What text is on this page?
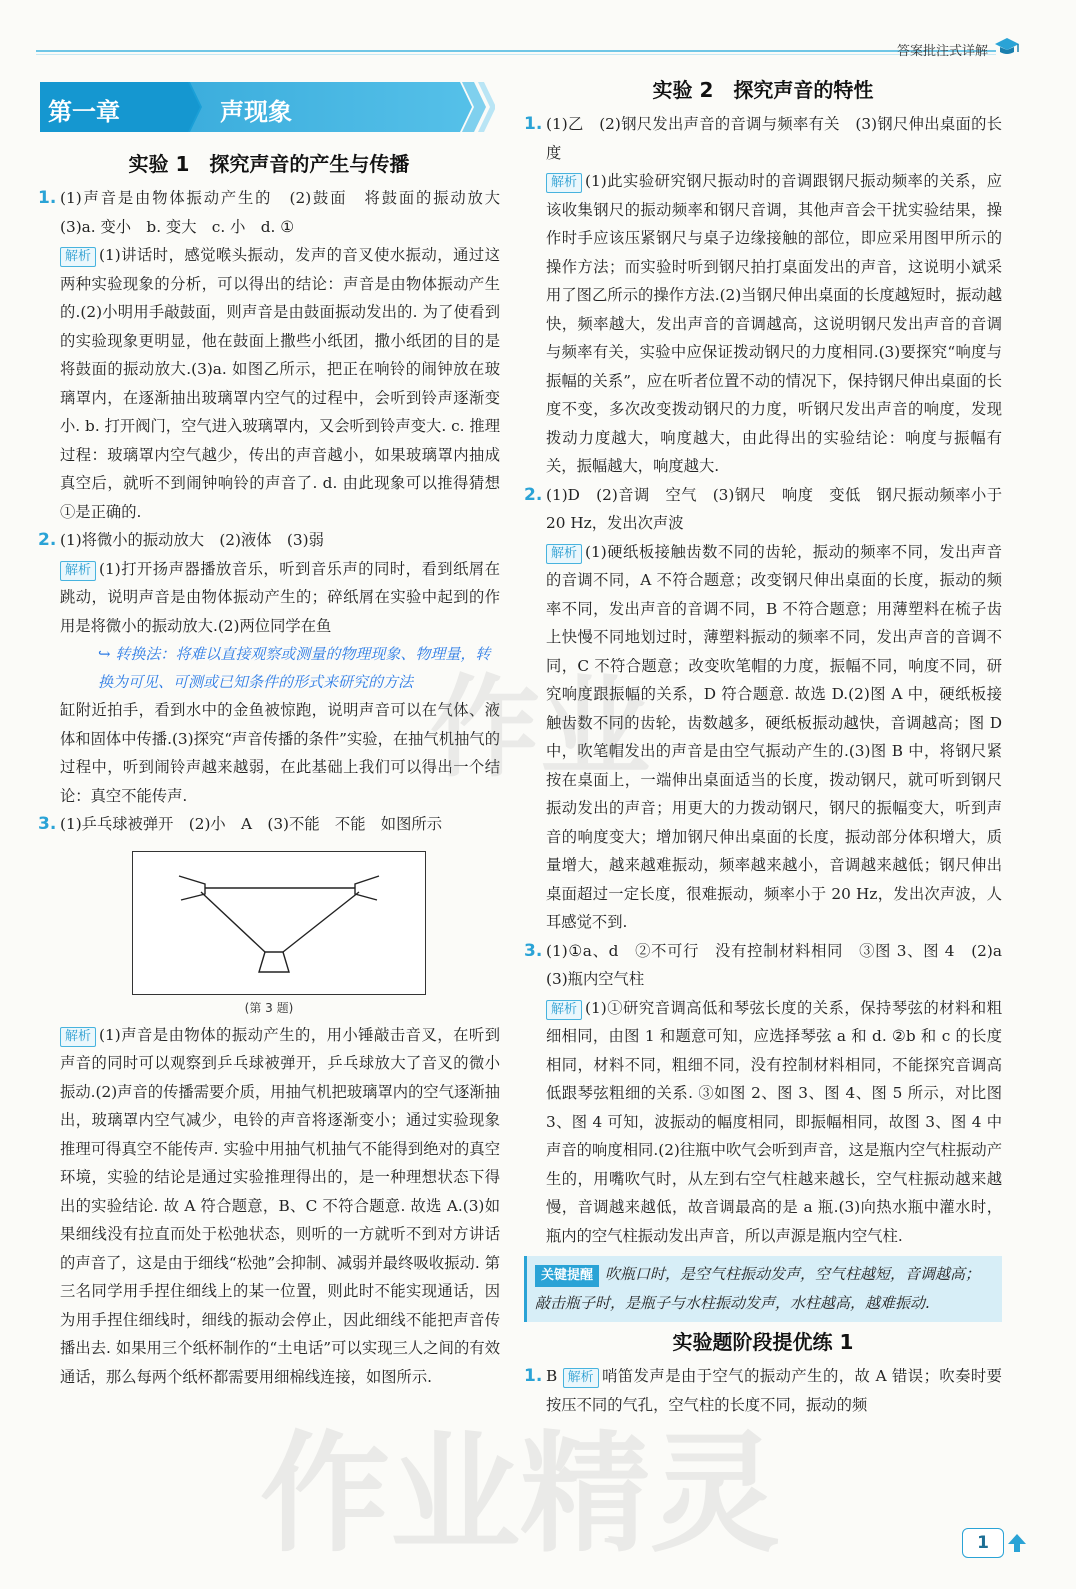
答案批注式详解
第一章	声现象
实验 1　探究声音的产生与传播
1. (1)声音是由物体振动产生的　(2)鼓面　将鼓面的振动放大　(3)a. 变小　b. 变大　c. 小　d. ①
解析 (1)讲话时，感觉喉头振动，发声的音叉使水振动，通过这两种实验现象的分析，可以得出的结论：声音是由物体振动产生的.(2)小明用手敲鼓面，则声音是由鼓面振动发出的. 为了使看到的实验现象更明显，他在鼓面上撒些小纸团，撒小纸团的目的是将鼓面的振动放大.(3)a. 如图乙所示，把正在响铃的闹钟放在玻璃罩内，在逐渐抽出玻璃罩内空气的过程中，会听到铃声逐渐变小. b. 打开阀门，空气进入玻璃罩内，又会听到铃声变大. c. 推理过程：玻璃罩内空气越少，传出的声音越小，如果玻璃罩内抽成真空后，就听不到闹钟响铃的声音了. d. 由此现象可以推得猜想①是正确的.
2. (1)将微小的振动放大　(2)液体　(3)弱
解析 (1)打开扬声器播放音乐，听到音乐声的同时，看到纸屑在跳动，说明声音是由物体振动产生的；碎纸屑在实验中起到的作用是将微小的振动放大.(2)两位同学在鱼
↪ 转换法：将难以直接观察或测量的物理现象、物理量，转换为可见、可测或已知条件的形式来研究的方法
缸附近拍手，看到水中的金鱼被惊跑，说明声音可以在气体、液体和固体中传播.(3)探究“声音传播的条件”实验，在抽气机抽气的过程中，听到闹铃声越来越弱，在此基础上我们可以得出一个结论：真空不能传声.
3. (1)乒乓球被弹开　(2)小　A　(3)不能　不能　如图所示
(第 3 题)
解析 (1)声音是由物体的振动产生的，用小锤敲击音叉，在听到声音的同时可以观察到乒乓球被弹开，乒乓球放大了音叉的微小振动.(2)声音的传播需要介质，用抽气机把玻璃罩内的空气逐渐抽出，玻璃罩内空气减少，电铃的声音将逐渐变小；通过实验现象推理可得真空不能传声. 实验中用抽气机抽气不能得到绝对的真空环境，实验的结论是通过实验推理得出的，是一种理想状态下得出的实验结论. 故 A 符合题意，B、C 不符合题意. 故选 A.(3)如果细线没有拉直而处于松弛状态，则听的一方就听不到对方讲话的声音了，这是由于细线“松弛”会抑制、减弱并最终吸收振动. 第三名同学用手捏住细线上的某一位置，则此时不能实现通话，因为用手捏住细线时，细线的振动会停止，因此细线不能把声音传播出去. 如果用三个纸杯制作的“土电话”可以实现三人之间的有效通话，那么每两个纸杯都需要用细棉线连接，如图所示.
实验 2　探究声音的特性
1. (1)乙　(2)钢尺发出声音的音调与频率有关　(3)钢尺伸出桌面的长度
解析 (1)此实验研究钢尺振动时的音调跟钢尺振动频率的关系，应该收集钢尺的振动频率和钢尺音调，其他声音会干扰实验结果，操作时手应该压紧钢尺与桌子边缘接触的部位，即应采用图甲所示的操作方法；而实验时听到钢尺拍打桌面发出的声音，这说明小斌采用了图乙所示的操作方法.(2)当钢尺伸出桌面的长度越短时，振动越快，频率越大，发出声音的音调越高，这说明钢尺发出声音的音调与频率有关，实验中应保证拨动钢尺的力度相同.(3)要探究“响度与振幅的关系”，应在听者位置不动的情况下，保持钢尺伸出桌面的长度不变，多次改变拨动钢尺的力度，听钢尺发出声音的响度，发现拨动力度越大，响度越大，由此得出的实验结论：响度与振幅有关，振幅越大，响度越大.
2. (1)D　(2)音调　空气　(3)钢尺　响度　变低　钢尺振动频率小于 20 Hz，发出次声波
解析 (1)硬纸板接触齿数不同的齿轮，振动的频率不同，发出声音的音调不同，A 不符合题意；改变钢尺伸出桌面的长度，振动的频率不同，发出声音的音调不同，B 不符合题意；用薄塑料在梳子齿上快慢不同地划过时，薄塑料振动的频率不同，发出声音的音调不同，C 不符合题意；改变吹笔帽的力度，振幅不同，响度不同，研究响度跟振幅的关系，D 符合题意. 故选 D.(2)图 A 中，硬纸板接触齿数不同的齿轮，齿数越多，硬纸板振动越快，音调越高；图 D 中，吹笔帽发出的声音是由空气振动产生的.(3)图 B 中，将钢尺紧按在桌面上，一端伸出桌面适当的长度，拨动钢尺，就可听到钢尺振动发出的声音；用更大的力拨动钢尺，钢尺的振幅变大，听到声音的响度变大；增加钢尺伸出桌面的长度，振动部分体积增大，质量增大，越来越难振动，频率越来越小，音调越来越低；钢尺伸出桌面超过一定长度，很难振动，频率小于 20 Hz，发出次声波，人耳感觉不到.
3. (1)①a、d　②不可行　没有控制材料相同　③图 3、图 4　(2)a　(3)瓶内空气柱
解析 (1)①研究音调高低和琴弦长度的关系，保持琴弦的材料和粗细相同，由图 1 和题意可知，应选择琴弦 a 和 d. ②b 和 c 的长度相同，材料不同，粗细不同，没有控制材料相同，不能探究音调高低跟琴弦粗细的关系. ③如图 2、图 3、图 4、图 5 所示，对比图 3、图 4 可知，波振动的幅度相同，即振幅相同，故图 3、图 4 中声音的响度相同.(2)往瓶中吹气会听到声音，这是瓶内空气柱振动产生的，用嘴吹气时，从左到右空气柱越来越长，空气柱振动越来越慢，音调越来越低，故音调最高的是 a 瓶.(3)向热水瓶中灌水时，瓶内的空气柱振动发出声音，所以声源是瓶内空气柱.
关键提醒 吹瓶口时，是空气柱振动发声，空气柱越短，音调越高；敲击瓶子时，是瓶子与水柱振动发声，水柱越高，越难振动.
实验题阶段提优练 1
1. B 解析 哨笛发声是由于空气的振动产生的，故 A 错误；吹奏时要按压不同的气孔，空气柱的长度不同，振动的频
作业
作业精灵	1
